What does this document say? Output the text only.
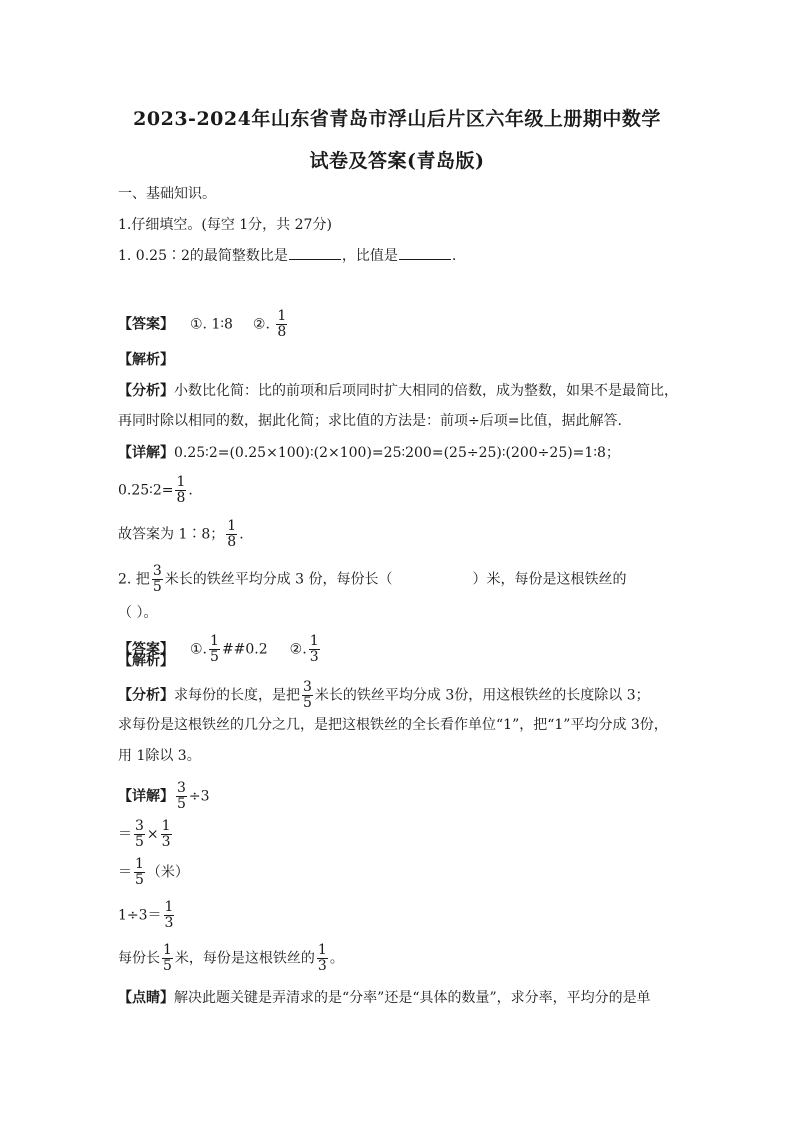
2023-2024年山东省青岛市浮山后片区六年级上册期中数学
试卷及答案(青岛版)
一、基础知识。
1.仔细填空。(每空 1分，共 27分)
1. 0.25∶2的最简整数比是	，比值是	.
【答案】 ①. 1∶8 ②. $\frac{1}{8}$
【解析】
【分析】小数比化简：比的前项和后项同时扩大相同的倍数，成为整数，如果不是最简比，
再同时除以相同的数，据此化简；求比值的方法是：前项÷后项=比值，据此解答.
【详解】0.25∶2=(0.25×100)∶(2×100)=25∶200=(25÷25)∶(200÷25)=1∶8；
0.25∶2= $\frac{1}{8}$ .
故答案为 1∶8； $\frac{1}{8}$ .
2. 把 $\frac{3}{5}$ 米长的铁丝平均分成 3 份，每份长（	）米，每份是这根铁丝的
（ ）。
【答案】 ①. $\frac{1}{5}$ ##0.2 ②. $\frac{1}{3}$
【解析】
【分析】求每份的长度，是把 $\frac{3}{5}$ 米长的铁丝平均分成 3份，用这根铁丝的长度除以 3；
求每份是这根铁丝的几分之几，是把这根铁丝的全长看作单位“1”，把“1”平均分成 3份，
用 1除以 3。
【详解】 $\frac{3}{5} \div 3$
＝ $\frac{3}{5} \times \frac{1}{3}$
＝ $\frac{1}{5}$ （米）
$1\div 3= \frac{1}{3}$
每份长 $\frac{1}{5}$ 米，每份是这根铁丝的 $\frac{1}{3}$ 。
【点睛】解决此题关键是弄清求的是“分率”还是“具体的数量”，求分率，平均分的是单
